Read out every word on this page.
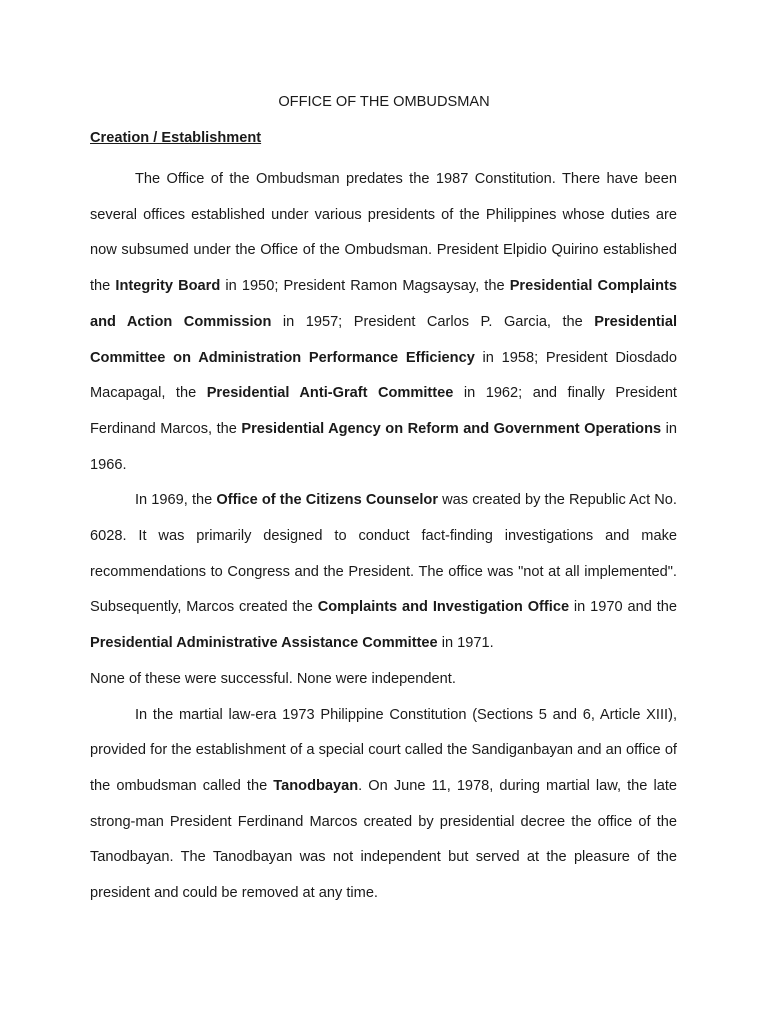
OFFICE OF THE OMBUDSMAN
Creation / Establishment

The Office of the Ombudsman predates the 1987 Constitution. There have been several offices established under various presidents of the Philippines whose duties are now subsumed under the Office of the Ombudsman. President Elpidio Quirino established the Integrity Board in 1950; President Ramon Magsaysay, the Presidential Complaints and Action Commission in 1957; President Carlos P. Garcia, the Presidential Committee on Administration Performance Efficiency in 1958; President Diosdado Macapagal, the Presidential Anti-Graft Committee in 1962; and finally President Ferdinand Marcos, the Presidential Agency on Reform and Government Operations in 1966.

In 1969, the Office of the Citizens Counselor was created by the Republic Act No. 6028. It was primarily designed to conduct fact-finding investigations and make recommendations to Congress and the President. The office was "not at all implemented". Subsequently, Marcos created the Complaints and Investigation Office in 1970 and the Presidential Administrative Assistance Committee in 1971.

None of these were successful. None were independent.

In the martial law-era 1973 Philippine Constitution (Sections 5 and 6, Article XIII), provided for the establishment of a special court called the Sandiganbayan and an office of the ombudsman called the Tanodbayan. On June 11, 1978, during martial law, the late strong-man President Ferdinand Marcos created by presidential decree the office of the Tanodbayan. The Tanodbayan was not independent but served at the pleasure of the president and could be removed at any time.
